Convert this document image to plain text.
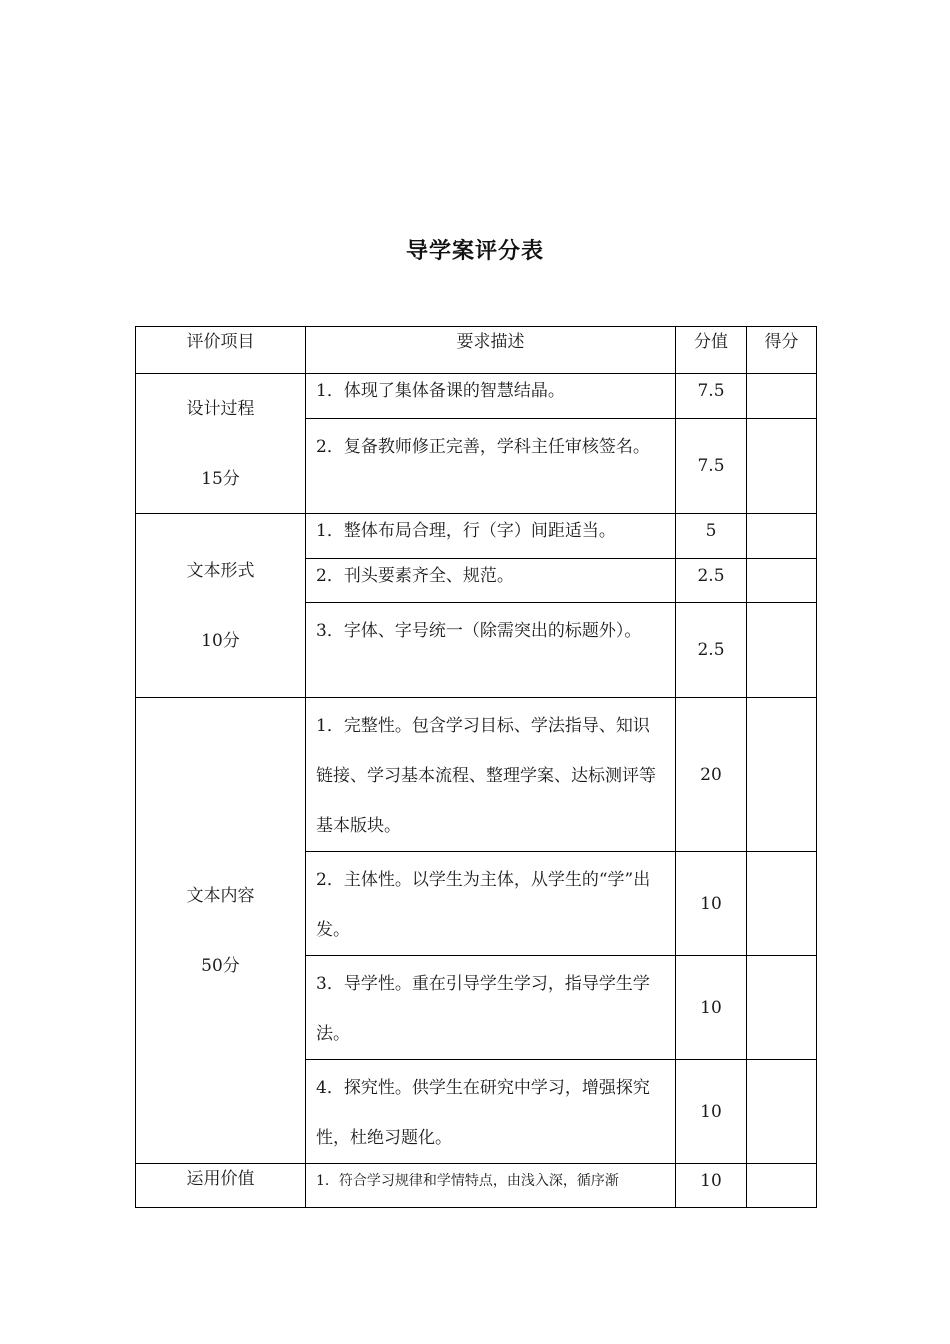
导学案评分表
评价项目	要求描述	分值	得分

设计过程
15分	1．体现了集体备课的智慧结晶。	7.5	
	2．复备教师修正完善，学科主任审核签名。	7.5	

文本形式
10分	1．整体布局合理，行（字）间距适当。	5	
	2．刊头要素齐全、规范。	2.5	
	3．字体、字号统一（除需突出的标题外）。	2.5	

文本内容
50分	1．完整性。包含学习目标、学法指导、知识链接、学习基本流程、整理学案、达标测评等基本版块。	20	
	2．主体性。以学生为主体，从学生的“学”出发。	10	
	3．导学性。重在引导学生学习，指导学生学法。	10	
	4．探究性。供学生在研究中学习，增强探究性，杜绝习题化。	10	
运用价值	1．符合学习规律和学情特点，由浅入深，循序渐	10	
